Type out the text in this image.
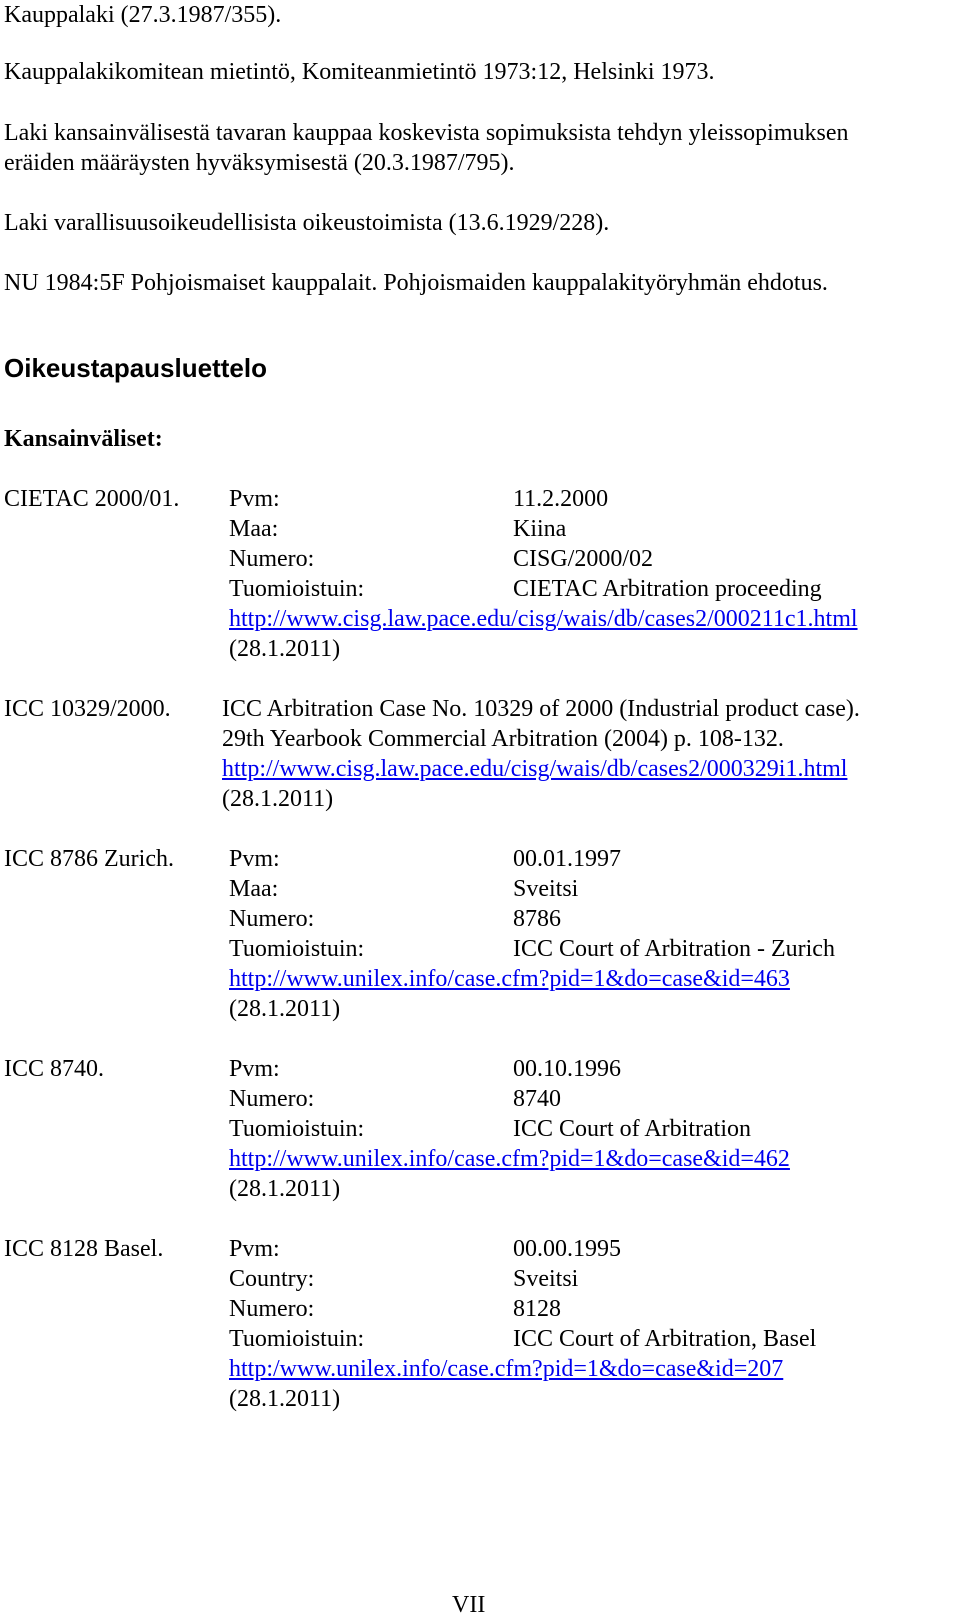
Kauppalaki (27.3.1987/355).
Kauppalakikomitean mietintö, Komiteanmietintö 1973:12, Helsinki 1973.
Laki kansainvälisestä tavaran kauppaa koskevista sopimuksista tehdyn yleissopimuksen
eräiden määräysten hyväksymisestä (20.3.1987/795).
Laki varallisuusoikeudellisista oikeustoimista (13.6.1929/228).
NU 1984:5F Pohjoismaiset kauppalait. Pohjoismaiden kauppalakityöryhmän ehdotus.
Oikeustapausluettelo
Kansainväliset:
CIETAC 2000/01. Pvm:	11.2.2000
Maa:	Kiina
Numero:	CISG/2000/02
Tuomioistuin:	CIETAC Arbitration proceeding
http://www.cisg.law.pace.edu/cisg/wais/db/cases2/000211c1.html
(28.1.2011)
ICC 10329/2000. ICC Arbitration Case No. 10329 of 2000 (Industrial product case).
29th Yearbook Commercial Arbitration (2004) p. 108-132.
http://www.cisg.law.pace.edu/cisg/wais/db/cases2/000329i1.html
(28.1.2011)
ICC 8786 Zurich. Pvm:	00.01.1997
Maa:	Sveitsi
Numero:	8786
Tuomioistuin:	ICC Court of Arbitration - Zurich
http://www.unilex.info/case.cfm?pid=1&do=case&id=463
(28.1.2011)
ICC 8740.	Pvm:	00.10.1996
Numero:	8740
Tuomioistuin:	ICC Court of Arbitration
http://www.unilex.info/case.cfm?pid=1&do=case&id=462
(28.1.2011)
ICC 8128 Basel.	Pvm:	00.00.1995
Country:	Sveitsi
Numero:	8128
Tuomioistuin:	ICC Court of Arbitration, Basel
http:/www.unilex.info/case.cfm?pid=1&do=case&id=207
(28.1.2011)
VII
